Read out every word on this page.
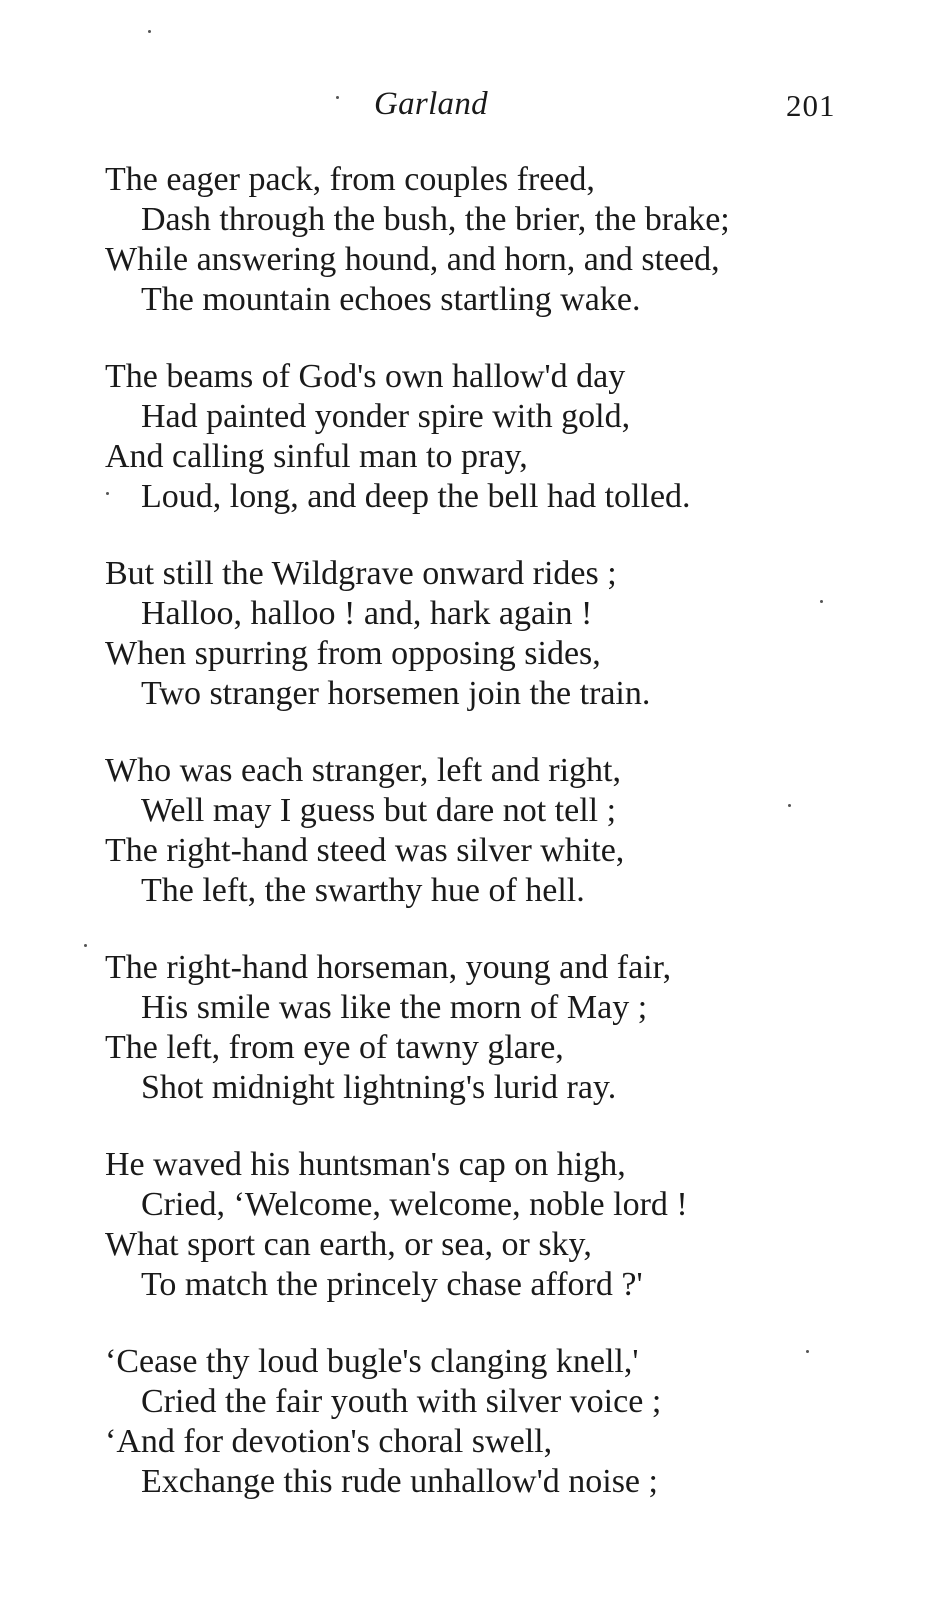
Garland	201
The eager pack, from couples freed,
Dash through the bush, the brier, the brake;
While answering hound, and horn, and steed,
The mountain echoes startling wake.
The beams of God's own hallow'd day
Had painted yonder spire with gold,
And calling sinful man to pray,
Loud, long, and deep the bell had tolled.
But still the Wildgrave onward rides ;
Halloo, halloo ! and, hark again !
When spurring from opposing sides,
Two stranger horsemen join the train.
Who was each stranger, left and right,
Well may I guess but dare not tell ;
The right-hand steed was silver white,
The left, the swarthy hue of hell.
The right-hand horseman, young and fair,
His smile was like the morn of May ;
The left, from eye of tawny glare,
Shot midnight lightning's lurid ray.
He waved his huntsman's cap on high,
Cried, ‘Welcome, welcome, noble lord !
What sport can earth, or sea, or sky,
To match the princely chase afford ?'
‘Cease thy loud bugle's clanging knell,'
Cried the fair youth with silver voice ;
‘And for devotion's choral swell,
Exchange this rude unhallow'd noise ;
